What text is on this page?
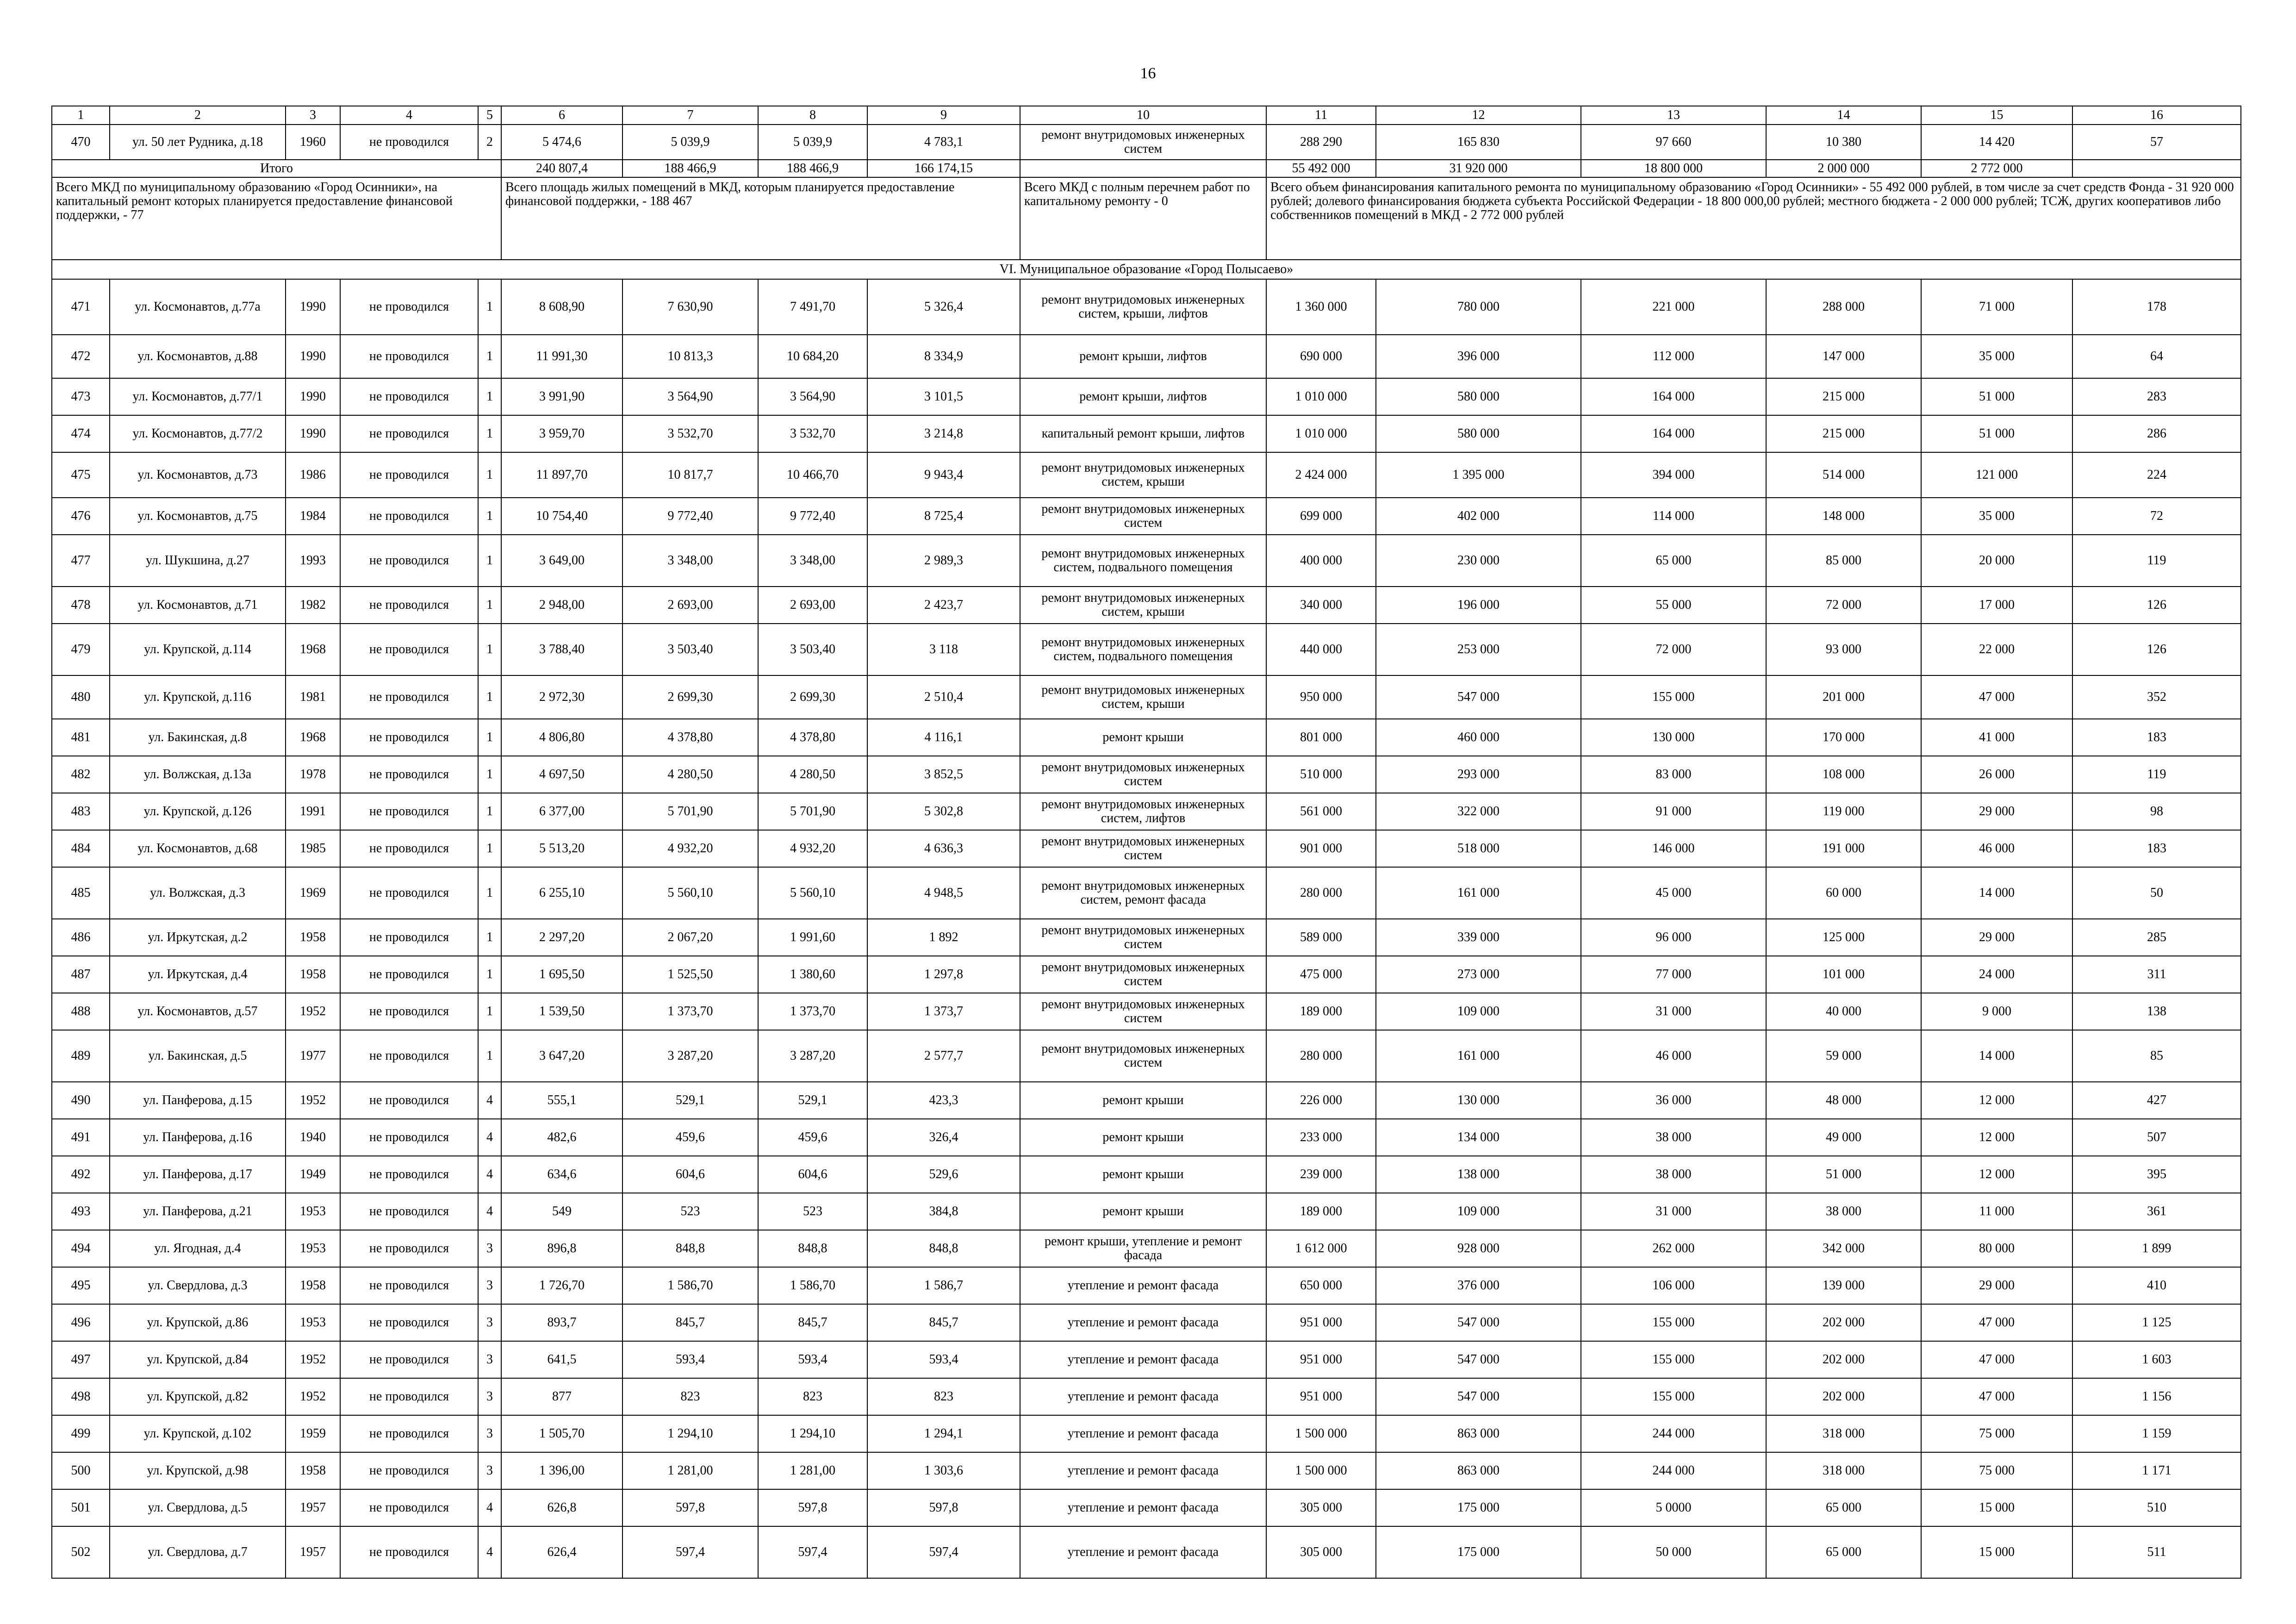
16
1	2	3	4	5	6	7	8	9	10	11	12	13	14	15	16
470	ул. 50 лет Рудника, д.18	1960	не проводился	2	5 474,6	5 039,9	5 039,9	4 783,1	ремонт внутридомовых инженерных систем	288 290	165 830	97 660	10 380	14 420	57
Итого					240 807,4	188 466,9	188 466,9	166 174,15		55 492 000	31 920 000	18 800 000	2 000 000	2 772 000	
Всего МКД по муниципальному образованию «Город Осинники», на капитальный ремонт которых планируется предоставление финансовой поддержки, - 77					Всего площадь жилых помещений в МКД, которым планируется предоставление финансовой поддержки, - 188 467				Всего МКД с полным перечнем работ по капитальному ремонту - 0	Всего объем финансирования капитального ремонта по муниципальному образованию «Город Осинники» - 55 492 000 рублей, в том числе за счет средств Фонда - 31 920 000 рублей; долевого финансирования бюджета субъекта Российской Федерации - 18 800 000,00 рублей; местного бюджета - 2 000 000 рублей; ТСЖ, других кооперативов либо собственников помещений в МКД - 2 772 000 рублей					
VI. Муниципальное образование «Город Полысаево»															
471	ул. Космонавтов, д.77а	1990	не проводился	1	8 608,90	7 630,90	7 491,70	5 326,4	ремонт внутридомовых инженерных систем, крыши, лифтов	1 360 000	780 000	221 000	288 000	71 000	178
472	ул. Космонавтов, д.88	1990	не проводился	1	11 991,30	10 813,3	10 684,20	8 334,9	ремонт крыши, лифтов	690 000	396 000	112 000	147 000	35 000	64
473	ул. Космонавтов, д.77/1	1990	не проводился	1	3 991,90	3 564,90	3 564,90	3 101,5	ремонт крыши, лифтов	1 010 000	580 000	164 000	215 000	51 000	283
474	ул. Космонавтов, д.77/2	1990	не проводился	1	3 959,70	3 532,70	3 532,70	3 214,8	капитальный ремонт крыши, лифтов	1 010 000	580 000	164 000	215 000	51 000	286
475	ул. Космонавтов, д.73	1986	не проводился	1	11 897,70	10 817,7	10 466,70	9 943,4	ремонт внутридомовых инженерных систем, крыши	2 424 000	1 395 000	394 000	514 000	121 000	224
476	ул. Космонавтов, д.75	1984	не проводился	1	10 754,40	9 772,40	9 772,40	8 725,4	ремонт внутридомовых инженерных систем	699 000	402 000	114 000	148 000	35 000	72
477	ул. Шукшина, д.27	1993	не проводился	1	3 649,00	3 348,00	3 348,00	2 989,3	ремонт внутридомовых инженерных систем, подвального помещения	400 000	230 000	65 000	85 000	20 000	119
478	ул. Космонавтов, д.71	1982	не проводился	1	2 948,00	2 693,00	2 693,00	2 423,7	ремонт внутридомовых инженерных систем, крыши	340 000	196 000	55 000	72 000	17 000	126
479	ул. Крупской, д.114	1968	не проводился	1	3 788,40	3 503,40	3 503,40	3 118	ремонт внутридомовых инженерных систем, подвального помещения	440 000	253 000	72 000	93 000	22 000	126
480	ул. Крупской, д.116	1981	не проводился	1	2 972,30	2 699,30	2 699,30	2 510,4	ремонт внутридомовых инженерных систем, крыши	950 000	547 000	155 000	201 000	47 000	352
481	ул. Бакинская, д.8	1968	не проводился	1	4 806,80	4 378,80	4 378,80	4 116,1	ремонт крыши	801 000	460 000	130 000	170 000	41 000	183
482	ул. Волжская, д.13а	1978	не проводился	1	4 697,50	4 280,50	4 280,50	3 852,5	ремонт внутридомовых инженерных систем	510 000	293 000	83 000	108 000	26 000	119
483	ул. Крупской, д.126	1991	не проводился	1	6 377,00	5 701,90	5 701,90	5 302,8	ремонт внутридомовых инженерных систем, лифтов	561 000	322 000	91 000	119 000	29 000	98
484	ул. Космонавтов, д.68	1985	не проводился	1	5 513,20	4 932,20	4 932,20	4 636,3	ремонт внутридомовых инженерных систем	901 000	518 000	146 000	191 000	46 000	183
485	ул. Волжская, д.3	1969	не проводился	1	6 255,10	5 560,10	5 560,10	4 948,5	ремонт внутридомовых инженерных систем, ремонт фасада	280 000	161 000	45 000	60 000	14 000	50
486	ул. Иркутская, д.2	1958	не проводился	1	2 297,20	2 067,20	1 991,60	1 892	ремонт внутридомовых инженерных систем	589 000	339 000	96 000	125 000	29 000	285
487	ул. Иркутская, д.4	1958	не проводился	1	1 695,50	1 525,50	1 380,60	1 297,8	ремонт внутридомовых инженерных систем	475 000	273 000	77 000	101 000	24 000	311
488	ул. Космонавтов, д.57	1952	не проводился	1	1 539,50	1 373,70	1 373,70	1 373,7	ремонт внутридомовых инженерных систем	189 000	109 000	31 000	40 000	9 000	138
489	ул. Бакинская, д.5	1977	не проводился	1	3 647,20	3 287,20	3 287,20	2 577,7	ремонт внутридомовых инженерных систем	280 000	161 000	46 000	59 000	14 000	85
490	ул. Панферова, д.15	1952	не проводился	4	555,1	529,1	529,1	423,3	ремонт крыши	226 000	130 000	36 000	48 000	12 000	427
491	ул. Панферова, д.16	1940	не проводился	4	482,6	459,6	459,6	326,4	ремонт крыши	233 000	134 000	38 000	49 000	12 000	507
492	ул. Панферова, д.17	1949	не проводился	4	634,6	604,6	604,6	529,6	ремонт крыши	239 000	138 000	38 000	51 000	12 000	395
493	ул. Панферова, д.21	1953	не проводился	4	549	523	523	384,8	ремонт крыши	189 000	109 000	31 000	38 000	11 000	361
494	ул. Ягодная, д.4	1953	не проводился	3	896,8	848,8	848,8	848,8	ремонт крыши, утепление и ремонт фасада	1 612 000	928 000	262 000	342 000	80 000	1 899
495	ул. Свердлова, д.3	1958	не проводился	3	1 726,70	1 586,70	1 586,70	1 586,7	утепление и ремонт фасада	650 000	376 000	106 000	139 000	29 000	410
496	ул. Крупской, д.86	1953	не проводился	3	893,7	845,7	845,7	845,7	утепление и ремонт фасада	951 000	547 000	155 000	202 000	47 000	1 125
497	ул. Крупской, д.84	1952	не проводился	3	641,5	593,4	593,4	593,4	утепление и ремонт фасада	951 000	547 000	155 000	202 000	47 000	1 603
498	ул. Крупской, д.82	1952	не проводился	3	877	823	823	823	утепление и ремонт фасада	951 000	547 000	155 000	202 000	47 000	1 156
499	ул. Крупской, д.102	1959	не проводился	3	1 505,70	1 294,10	1 294,10	1 294,1	утепление и ремонт фасада	1 500 000	863 000	244 000	318 000	75 000	1 159
500	ул. Крупской, д.98	1958	не проводился	3	1 396,00	1 281,00	1 281,00	1 303,6	утепление и ремонт фасада	1 500 000	863 000	244 000	318 000	75 000	1 171
501	ул. Свердлова, д.5	1957	не проводился	4	626,8	597,8	597,8	597,8	утепление и ремонт фасада	305 000	175 000	5 0000	65 000	15 000	510
502	ул. Свердлова, д.7	1957	не проводился	4	626,4	597,4	597,4	597,4	утепление и ремонт фасада	305 000	175 000	50 000	65 000	15 000	511
